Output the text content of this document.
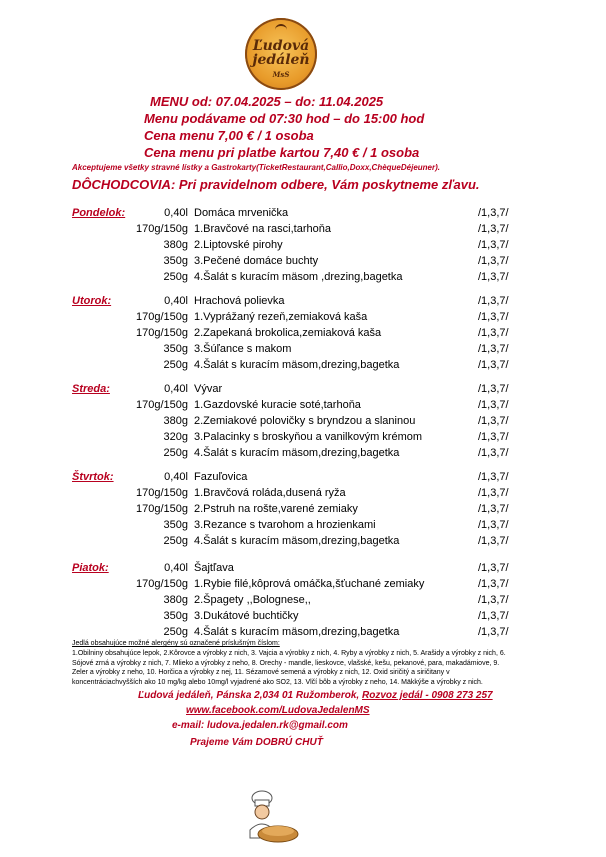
Ľudová
jedáleň
MsS
MENU od: 07.04.2025 – do: 11.04.2025
Menu podávame od 07:30 hod – do 15:00 hod
Cena menu 7,00 € / 1 osoba
Cena menu pri platbe kartou 7,40 € / 1 osoba
Akceptujeme všetky stravné lístky a Gastrokarty(TicketRestaurant,Callio,Doxx,ChèqueDéjeuner).
DÔCHODCOVIA: Pri pravidelnom odbere, Vám poskytneme zľavu.
Pondelok:	0,40l Domáca mrvenička	/1,3,7/
170g/150g 1.Bravčové na rasci,tarhoňa	/1,3,7/
380g 2.Liptovské pirohy	/1,3,7/
350g 3.Pečené domáce buchty	/1,3,7/
250g 4.Šalát s kuracím mäsom ,drezing,bagetka	/1,3,7/
Utorok:	0,40l Hrachová polievka	/1,3,7/
170g/150g 1.Vyprážaný rezeň,zemiaková kaša	/1,3,7/
170g/150g 2.Zapekaná brokolica,zemiaková kaša	/1,3,7/
350g 3.Šúľance s makom	/1,3,7/
250g 4.Šalát s kuracím mäsom,drezing,bagetka	/1,3,7/
Streda:	0,40l Vývar	/1,3,7/
170g/150g 1.Gazdovské kuracie soté,tarhoňa	/1,3,7/
380g 2.Zemiakové polovičky s bryndzou a slaninou	/1,3,7/
320g 3.Palacinky s broskyňou a vanilkovým krémom	/1,3,7/
250g 4.Šalát s kuracím mäsom,drezing,bagetka	/1,3,7/
Štvrtok:	0,40l Fazuľovica	/1,3,7/
170g/150g 1.Bravčová roláda,dusená ryža	/1,3,7/
170g/150g 2.Pstruh na rošte,varené zemiaky	/1,3,7/
350g 3.Rezance s tvarohom a hrozienkami	/1,3,7/
250g 4.Šalát s kuracím mäsom,drezing,bagetka	/1,3,7/
Piatok:	0,40l Šajtľava	/1,3,7/
170g/150g 1.Rybie filé,kôprová omáčka,šťuchané zemiaky	/1,3,7/
380g 2.Špagety ,,Bolognese,,	/1,3,7/
350g 3.Dukátové buchtičky	/1,3,7/
250g 4.Šalát s kuracím mäsom,drezing,bagetka	/1,3,7/
Jedlá obsahujúce možné alergény sú označené príslušným číslom:
1.Obilniny obsahujúce lepok, 2.Kôrovce a výrobky z nich, 3. Vajcia a výrobky z nich, 4. Ryby a výrobky z nich, 5. Arašidy a výrobky z nich, 6.
Sójové zrná a výrobky z nich, 7. Mlieko a výrobky z neho, 8. Orechy - mandle, lieskovce, vlašské, kešu, pekanové, para, makadámiove, 9.
Zeler a výrobky z neho, 10. Horčica a výrobky z nej, 11. Sézamové semená a výrobky z nich, 12. Oxid siričitý a siričitany v
koncentráciachvyšších ako 10 mg/kg alebo 10mg/l vyjadrené ako SO2, 13. Vlčí bôb a výrobky z neho, 14. Mäkkýše a výrobky z nich.
Ľudová jedáleň, Pánska 2,034 01 Ružomberok, Rozvoz jedál - 0908 273 257
www.facebook.com/LudovaJedalenMS
e-mail: ludova.jedalen.rk@gmail.com
Prajeme Vám DOBRÚ CHUŤ
